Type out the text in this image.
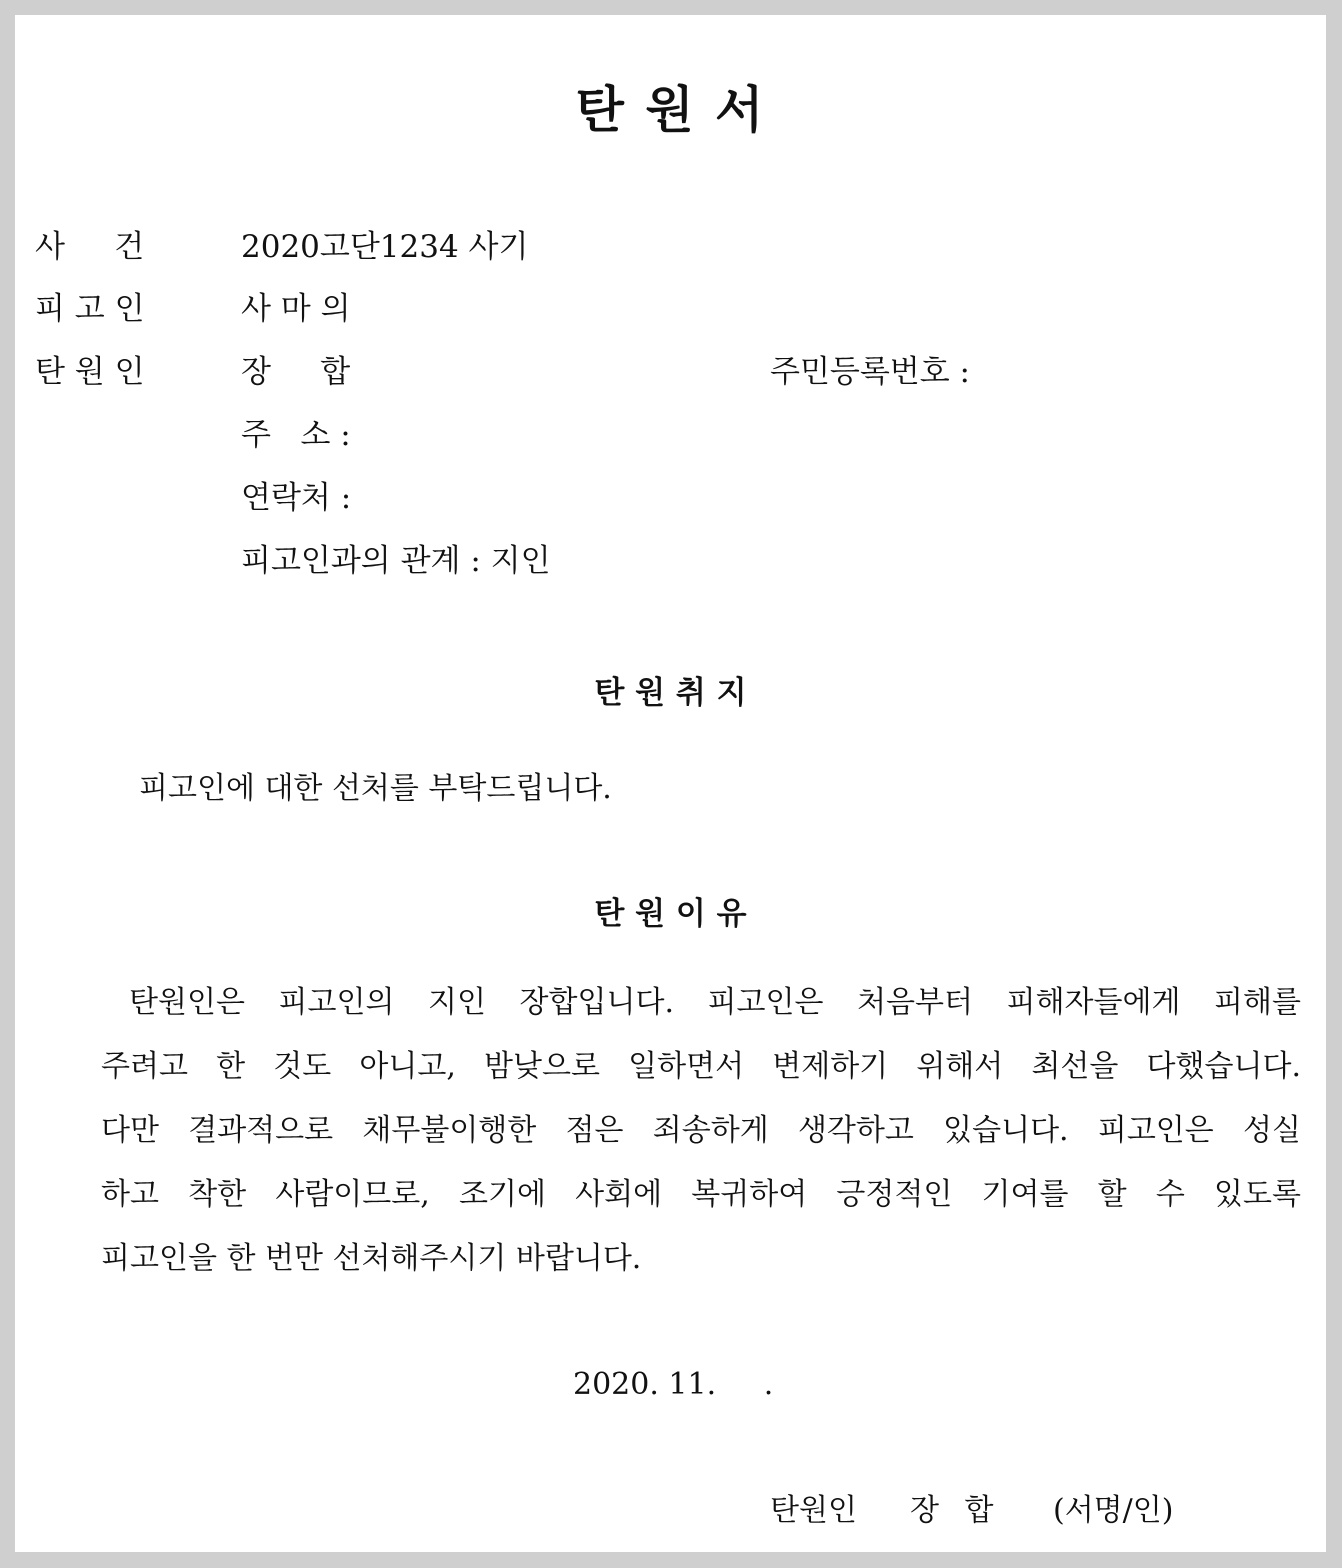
탄 원 서
사     건	2020고단1234 사기
피 고 인	사 마 의
탄 원 인	장     합	주민등록번호 :
주   소 :
연락처 :
피고인과의 관계 : 지인
탄 원 취 지
피고인에 대한 선처를 부탁드립니다.
탄 원 이 유
탄원인은 피고인의 지인 장합입니다. 피고인은 처음부터 피해자들에게 피해를
주려고 한 것도 아니고, 밤낮으로 일하면서 변제하기 위해서 최선을 다했습니다.
다만 결과적으로 채무불이행한 점은 죄송하게 생각하고 있습니다. 피고인은 성실
하고 착한 사람이므로, 조기에 사회에 복귀하여 긍정적인 기여를 할 수 있도록
피고인을 한 번만 선처해주시기 바랍니다.
2020. 11.     .
탄원인 장 합 (서명/인)
